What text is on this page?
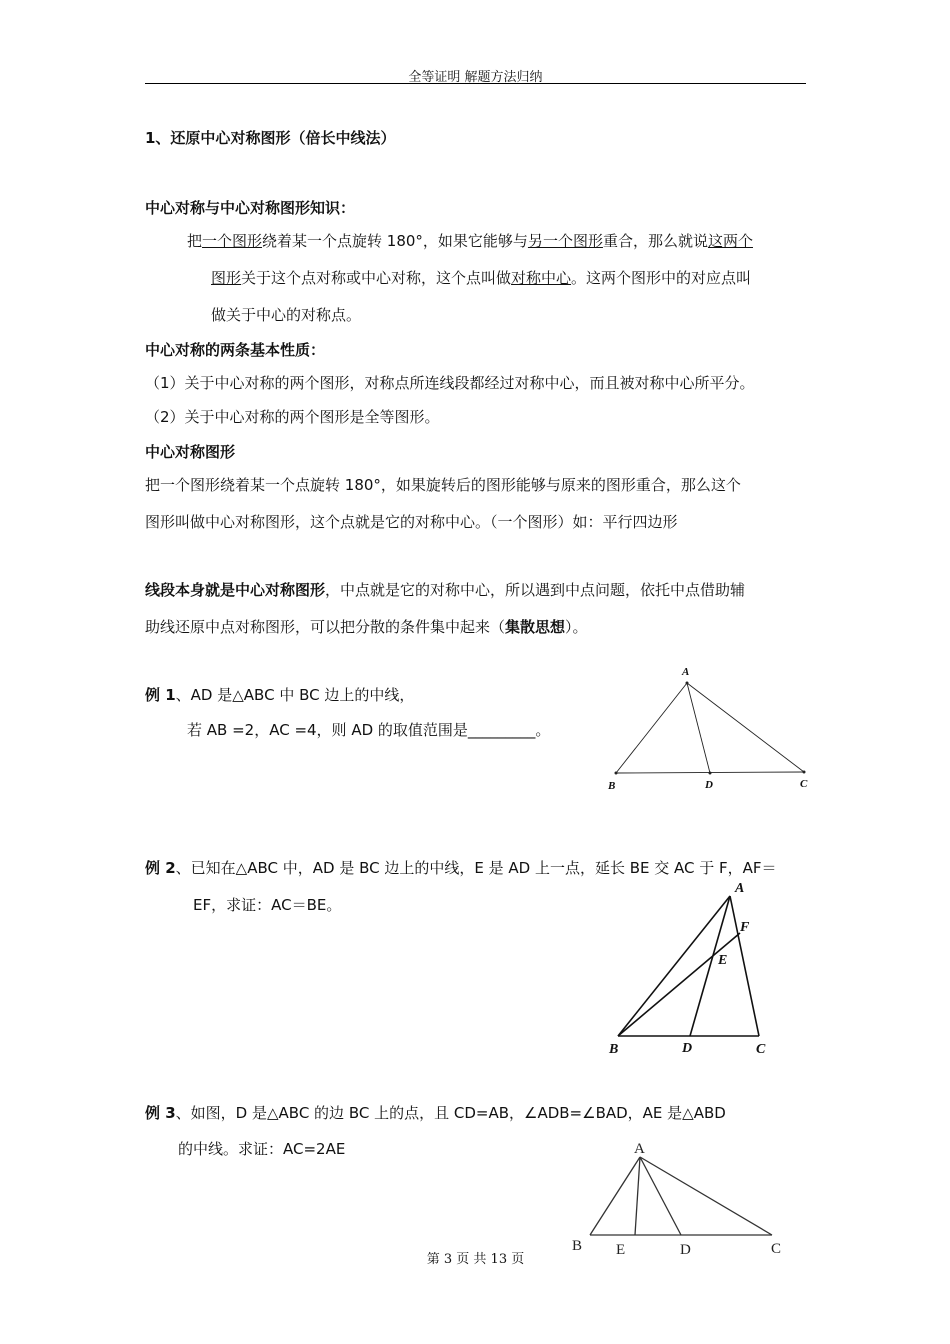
全等证明 解题方法归纳
1、还原中心对称图形（倍长中线法）
中心对称与中心对称图形知识：
把一个图形绕着某一个点旋转 180°，如果它能够与另一个图形重合，那么就说这两个
图形关于这个点对称或中心对称，这个点叫做对称中心。这两个图形中的对应点叫
做关于中心的对称点。
中心对称的两条基本性质：
（1）关于中心对称的两个图形，对称点所连线段都经过对称中心，而且被对称中心所平分。
（2）关于中心对称的两个图形是全等图形。
中心对称图形
把一个图形绕着某一个点旋转 180°，如果旋转后的图形能够与原来的图形重合，那么这个
图形叫做中心对称图形，这个点就是它的对称中心。（一个图形）如：平行四边形
线段本身就是中心对称图形，中点就是它的对称中心，所以遇到中点问题，依托中点借助辅
助线还原中点对称图形，可以把分散的条件集中起来（集散思想）。
例 1、AD 是△ABC 中 BC 边上的中线，
若 AB =2，AC =4，则 AD 的取值范围是_________。
A
B	D	C
例 2、已知在△ABC 中，AD 是 BC 边上的中线，E 是 AD 上一点，延长 BE 交 AC 于 F，AF＝
EF，求证：AC＝BE。
A
F
E
B	D	C
例 3、如图，D 是△ABC 的边 BC 上的点，且 CD=AB，∠ADB=∠BAD，AE 是△ABD
的中线。求证：AC=2AE	A
B E	D	C
第 3 页 共 13 页
